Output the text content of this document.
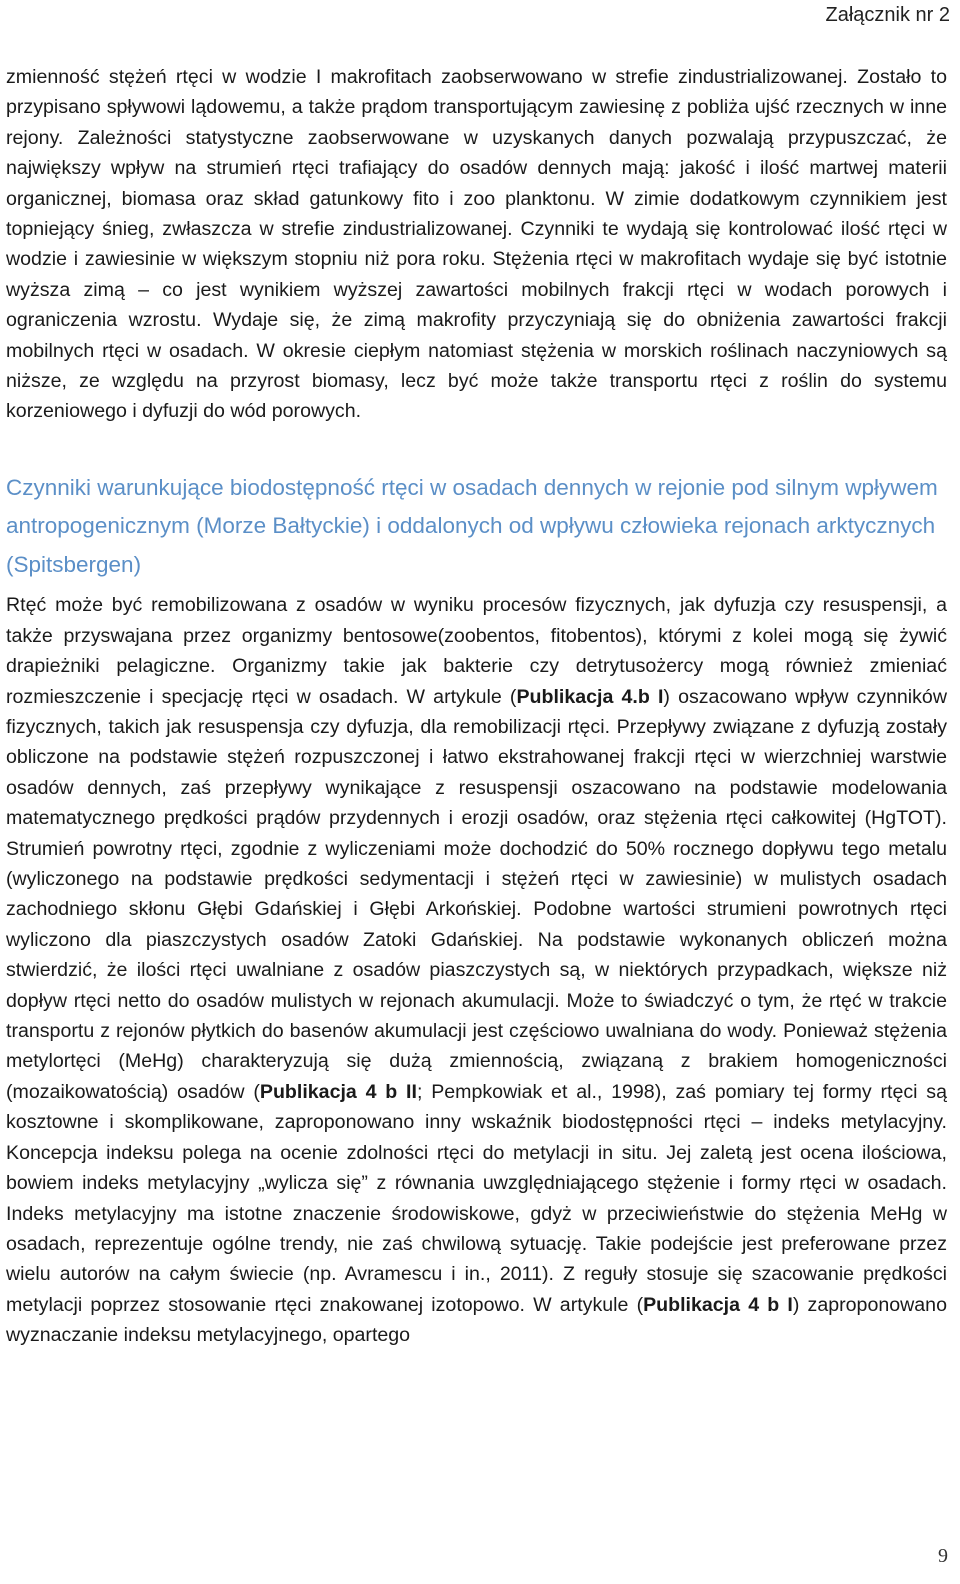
Załącznik nr 2

zmienność stężeń rtęci w wodzie I makrofitach zaobserwowano w strefie zindustrializowanej. Zostało to przypisano spływowi lądowemu, a także prądom transportującym zawiesinę z pobliża ujść rzecznych w inne rejony. Zależności statystyczne zaobserwowane w uzyskanych danych pozwalają przypuszczać, że największy wpływ na strumień rtęci trafiający do osadów dennych mają: jakość i ilość martwej materii organicznej, biomasa oraz skład gatunkowy fito i zoo planktonu. W zimie dodatkowym czynnikiem jest topniejący śnieg, zwłaszcza w strefie zindustrializowanej. Czynniki te wydają się kontrolować ilość rtęci w wodzie i zawiesinie w większym stopniu niż pora roku. Stężenia rtęci w makrofitach wydaje się być istotnie wyższa zimą – co jest wynikiem wyższej zawartości mobilnych frakcji rtęci w wodach porowych i ograniczenia wzrostu. Wydaje się, że zimą makrofity przyczyniają się do obniżenia zawartości frakcji mobilnych rtęci w osadach. W okresie ciepłym natomiast stężenia w morskich roślinach naczyniowych są niższe, ze względu na przyrost biomasy, lecz być może także transportu rtęci z roślin do systemu korzeniowego i dyfuzji do wód porowych.

Czynniki warunkujące biodostępność rtęci w osadach dennych w rejonie pod silnym wpływem antropogenicznym (Morze Bałtyckie) i oddalonych od wpływu człowieka rejonach arktycznych (Spitsbergen)

Rtęć może być remobilizowana z osadów w wyniku procesów fizycznych, jak dyfuzja czy resuspensji, a także przyswajana przez organizmy bentosowe(zoobentos, fitobentos), którymi z kolei mogą się żywić drapieżniki pelagiczne. Organizmy takie jak bakterie czy detrytusożercy mogą również zmieniać rozmieszczenie i specjację rtęci w osadach. W artykule (Publikacja 4.b I) oszacowano wpływ czynników fizycznych, takich jak resuspensja czy dyfuzja, dla remobilizacji rtęci. Przepływy związane z dyfuzją zostały obliczone na podstawie stężeń rozpuszczonej i łatwo ekstrahowanej frakcji rtęci w wierzchniej warstwie osadów dennych, zaś przepływy wynikające z resuspensji oszacowano na podstawie modelowania matematycznego prędkości prądów przydennych i erozji osadów, oraz stężenia rtęci całkowitej (HgTOT). Strumień powrotny rtęci, zgodnie z wyliczeniami może dochodzić do 50% rocznego dopływu tego metalu (wyliczonego na podstawie prędkości sedymentacji i stężeń rtęci w zawiesinie) w mulistych osadach zachodniego skłonu Głębi Gdańskiej i Głębi Arkońskiej. Podobne wartości strumieni powrotnych rtęci wyliczono dla piaszczystych osadów Zatoki Gdańskiej. Na podstawie wykonanych obliczeń można stwierdzić, że ilości rtęci uwalniane z osadów piaszczystych są, w niektórych przypadkach, większe niż dopływ rtęci netto do osadów mulistych w rejonach akumulacji. Może to świadczyć o tym, że rtęć w trakcie transportu z rejonów płytkich do basenów akumulacji jest częściowo uwalniana do wody. Ponieważ stężenia metylortęci (MeHg) charakteryzują się dużą zmiennością, związaną z brakiem homogeniczności (mozaikowatością) osadów (Publikacja 4 b II; Pempkowiak et al., 1998), zaś pomiary tej formy rtęci są kosztowne i skomplikowane, zaproponowano inny wskaźnik biodostępności rtęci – indeks metylacyjny. Koncepcja indeksu polega na ocenie zdolności rtęci do metylacji in situ. Jej zaletą jest ocena ilościowa, bowiem indeks metylacyjny „wylicza się” z równania uwzględniającego stężenie i formy rtęci w osadach. Indeks metylacyjny ma istotne znaczenie środowiskowe, gdyż w przeciwieństwie do stężenia MeHg w osadach, reprezentuje ogólne trendy, nie zaś chwilową sytuację. Takie podejście jest preferowane przez wielu autorów na całym świecie (np. Avramescu i in., 2011). Z reguły stosuje się szacowanie prędkości metylacji poprzez stosowanie rtęci znakowanej izotopowo. W artykule (Publikacja 4 b I) zaproponowano wyznaczanie indeksu metylacyjnego, opartego

9
